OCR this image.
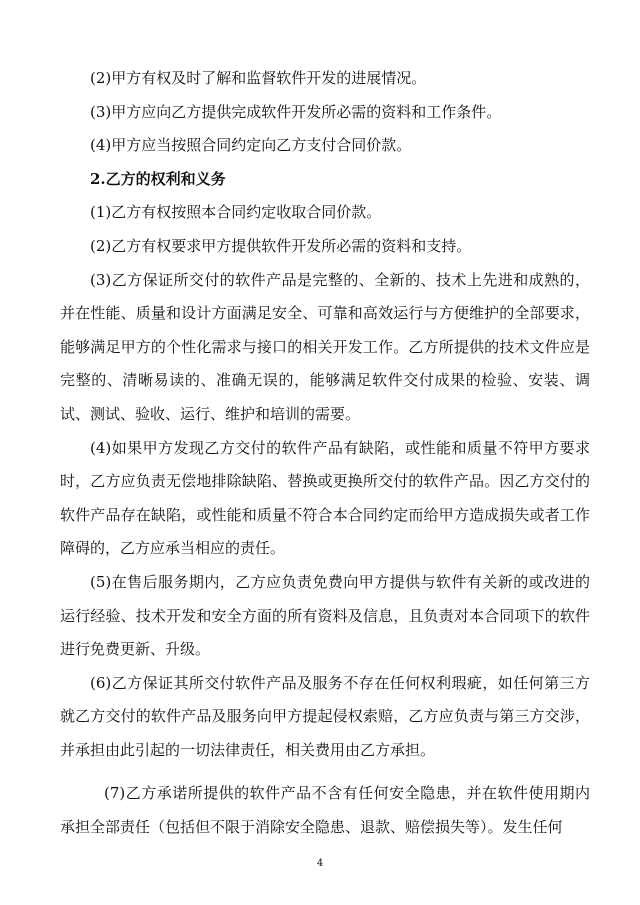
(2)甲方有权及时了解和监督软件开发的进展情况。

(3)甲方应向乙方提供完成软件开发所必需的资料和工作条件。

(4)甲方应当按照合同约定向乙方支付合同价款。

2.乙方的权利和义务

(1)乙方有权按照本合同约定收取合同价款。

(2)乙方有权要求甲方提供软件开发所必需的资料和支持。

(3)乙方保证所交付的软件产品是完整的、全新的、技术上先进和成熟的，并在性能、质量和设计方面满足安全、可靠和高效运行与方便维护的全部要求，能够满足甲方的个性化需求与接口的相关开发工作。乙方所提供的技术文件应是完整的、清晰易读的、准确无误的，能够满足软件交付成果的检验、安装、调试、测试、验收、运行、维护和培训的需要。

(4)如果甲方发现乙方交付的软件产品有缺陷，或性能和质量不符甲方要求时，乙方应负责无偿地排除缺陷、替换或更换所交付的软件产品。因乙方交付的软件产品存在缺陷，或性能和质量不符合本合同约定而给甲方造成损失或者工作障碍的，乙方应承当相应的责任。

(5)在售后服务期内，乙方应负责免费向甲方提供与软件有关新的或改进的运行经验、技术开发和安全方面的所有资料及信息，且负责对本合同项下的软件进行免费更新、升级。

(6)乙方保证其所交付软件产品及服务不存在任何权利瑕疵，如任何第三方就乙方交付的软件产品及服务向甲方提起侵权索赔，乙方应负责与第三方交涉，并承担由此引起的一切法律责任，相关费用由乙方承担。

(7)乙方承诺所提供的软件产品不含有任何安全隐患，并在软件使用期内承担全部责任（包括但不限于消除安全隐患、退款、赔偿损失等）。发生任何

4
